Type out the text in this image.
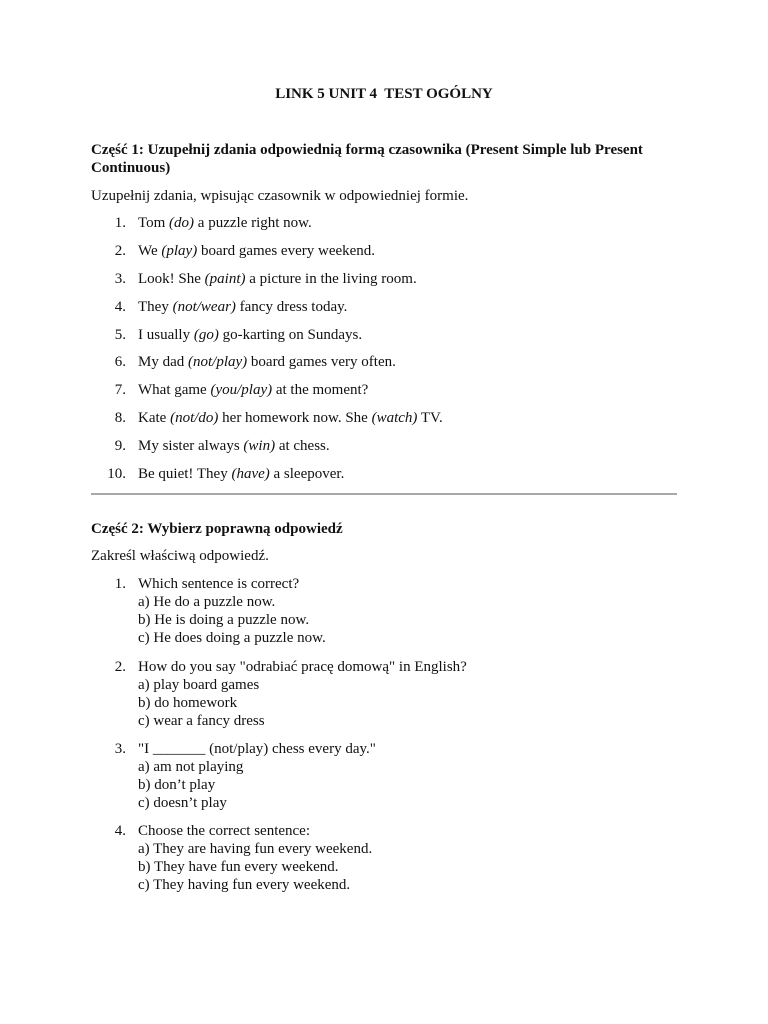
LINK 5 UNIT 4  TEST OGÓLNY

Część 1: Uzupełnij zdania odpowiednią formą czasownika (Present Simple lub Present Continuous)

Uzupełnij zdania, wpisując czasownik w odpowiedniej formie.

1. Tom (do) a puzzle right now.
2. We (play) board games every weekend.
3. Look! She (paint) a picture in the living room.
4. They (not/wear) fancy dress today.
5. I usually (go) go-karting on Sundays.
6. My dad (not/play) board games very often.
7. What game (you/play) at the moment?
8. Kate (not/do) her homework now. She (watch) TV.
9. My sister always (win) at chess.
10. Be quiet! They (have) a sleepover.

Część 2: Wybierz poprawną odpowiedź

Zakreśl właściwą odpowiedź.

1. Which sentence is correct?
a) He do a puzzle now.
b) He is doing a puzzle now.
c) He does doing a puzzle now.
2. How do you say "odrabiać pracę domową" in English?
a) play board games
b) do homework
c) wear a fancy dress
3. "I _______ (not/play) chess every day."
a) am not playing
b) don’t play
c) doesn’t play
4. Choose the correct sentence:
a) They are having fun every weekend.
b) They have fun every weekend.
c) They having fun every weekend.
